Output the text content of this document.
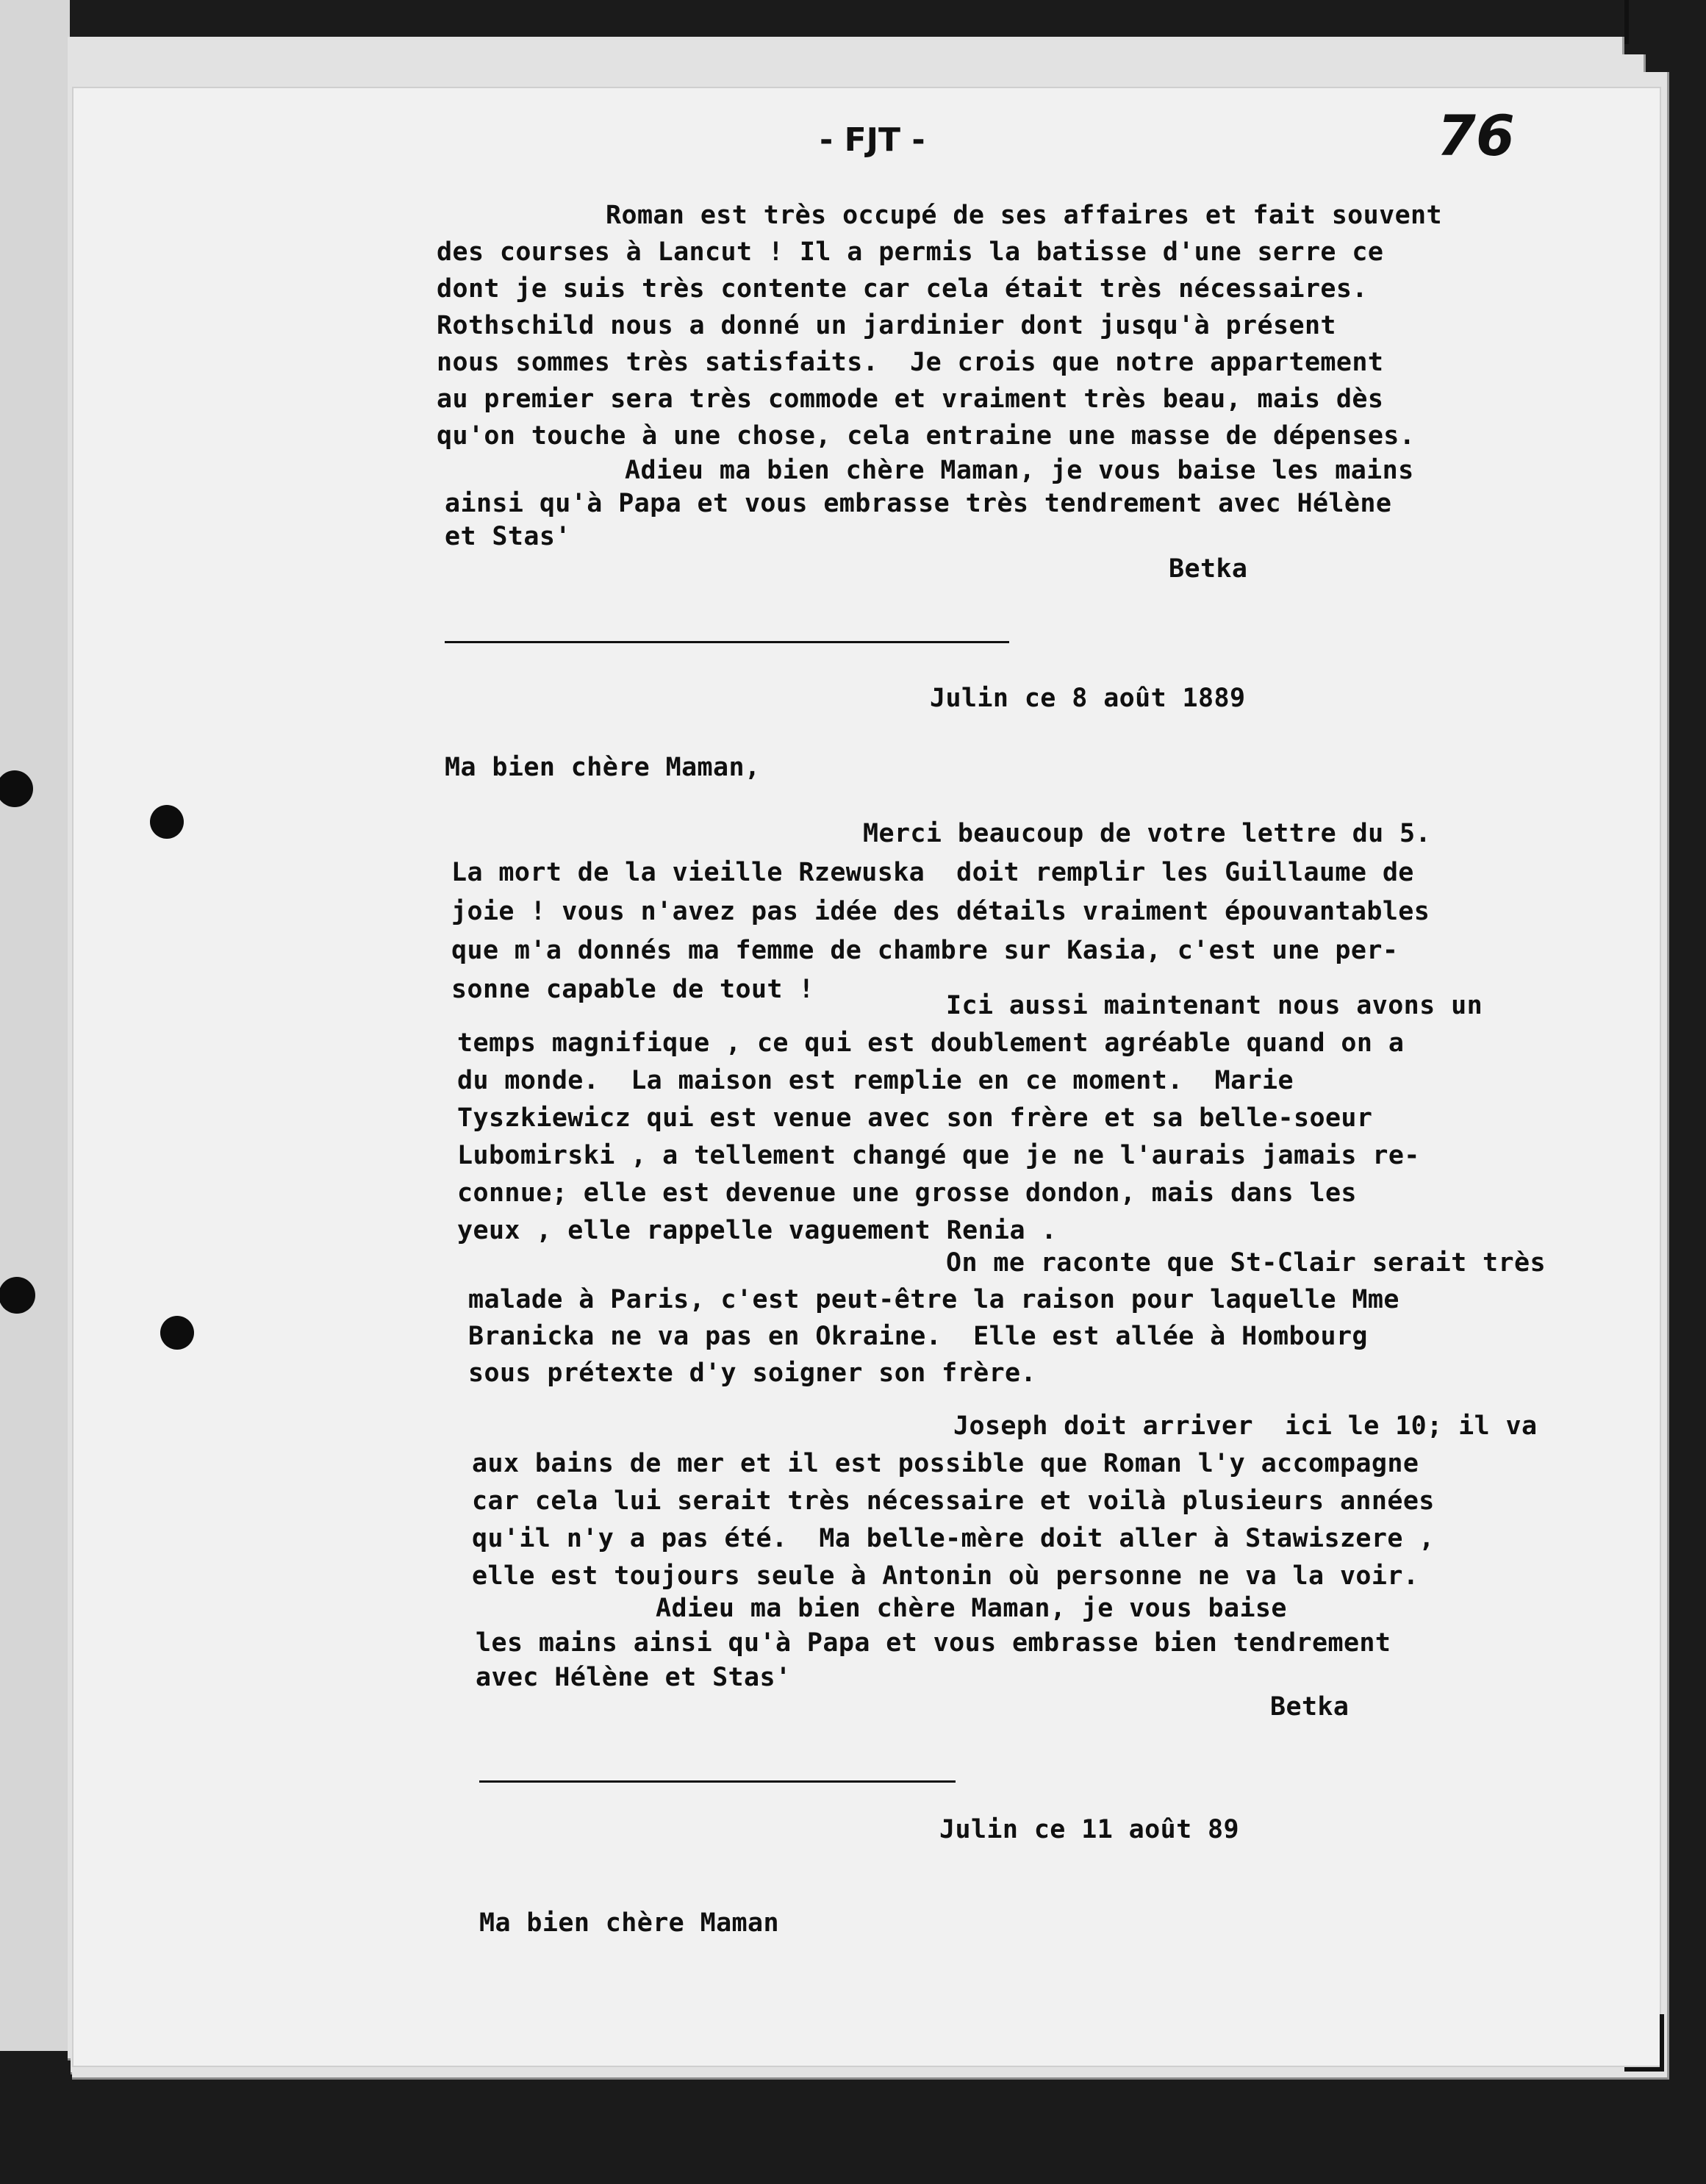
- FJT -	76
Roman est très occupé de ses affaires et fait souvent
des courses à Lancut ! Il a permis la batisse d'une serre ce
dont je suis très contente car cela était très nécessaires.
Rothschild nous a donné un jardinier dont jusqu'à présent
nous sommes très satisfaits.  Je crois que notre appartement
au premier sera très commode et vraiment très beau, mais dès
qu'on touche à une chose, cela entraine une masse de dépenses.
Adieu ma bien chère Maman, je vous baise les mains
ainsi qu'à Papa et vous embrasse très tendrement avec Hélène
et Stas'
Betka
Julin ce 8 août 1889
Ma bien chère Maman,
Merci beaucoup de votre lettre du 5.
La mort de la vieille Rzewuska  doit remplir les Guillaume de
joie ! vous n'avez pas idée des détails vraiment épouvantables
que m'a donnés ma femme de chambre sur Kasia, c'est une per-
sonne capable de tout !
Ici aussi maintenant nous avons un
temps magnifique , ce qui est doublement agréable quand on a
du monde.  La maison est remplie en ce moment.  Marie
Tyszkiewicz qui est venue avec son frère et sa belle-soeur
Lubomirski , a tellement changé que je ne l'aurais jamais re-
connue; elle est devenue une grosse dondon, mais dans les
yeux , elle rappelle vaguement Renia .
On me raconte que St-Clair serait très
malade à Paris, c'est peut-être la raison pour laquelle Mme
Branicka ne va pas en Okraine.  Elle est allée à Hombourg
sous prétexte d'y soigner son frère.
Joseph doit arriver  ici le 10; il va
aux bains de mer et il est possible que Roman l'y accompagne
car cela lui serait très nécessaire et voilà plusieurs années
qu'il n'y a pas été.  Ma belle-mère doit aller à Stawiszere ,
elle est toujours seule à Antonin où personne ne va la voir.
Adieu ma bien chère Maman, je vous baise
les mains ainsi qu'à Papa et vous embrasse bien tendrement
avec Hélène et Stas'
Betka
Julin ce 11 août 89
Ma bien chère Maman
